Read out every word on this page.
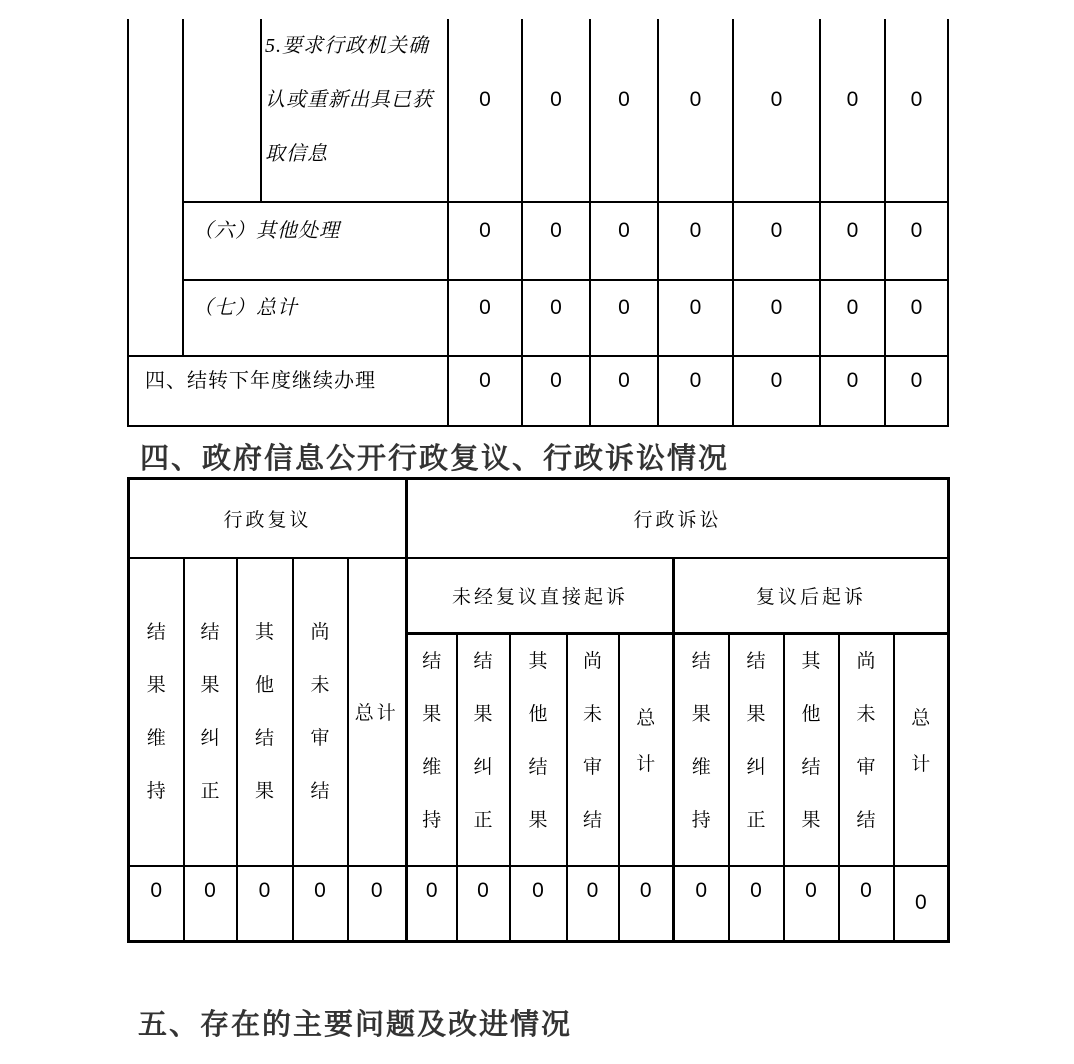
		5.要求行政机关确认或重新出具已获取信息	0	0	0	0	0	0	0
	（六）其他处理		0	0	0	0	0	0	0
	（七）总计		0	0	0	0	0	0	0
四、结转下年度继续办理			0	0	0	0	0	0	0
四、政府信息公开行政复议、行政诉讼情况
行政复议					行政诉讼									

结果维持	结果纠正	其他结果	尚未审结	总计	未经复议直接起诉					复议后起诉				

					结果维持	结果纠正	其他结果	尚未审结	总计	结果维持	结果纠正	其他结果	尚未审结	总计

0	0	0	0	0	0	0	0	0	0	0	0	0	0	0
五、存在的主要问题及改进情况
